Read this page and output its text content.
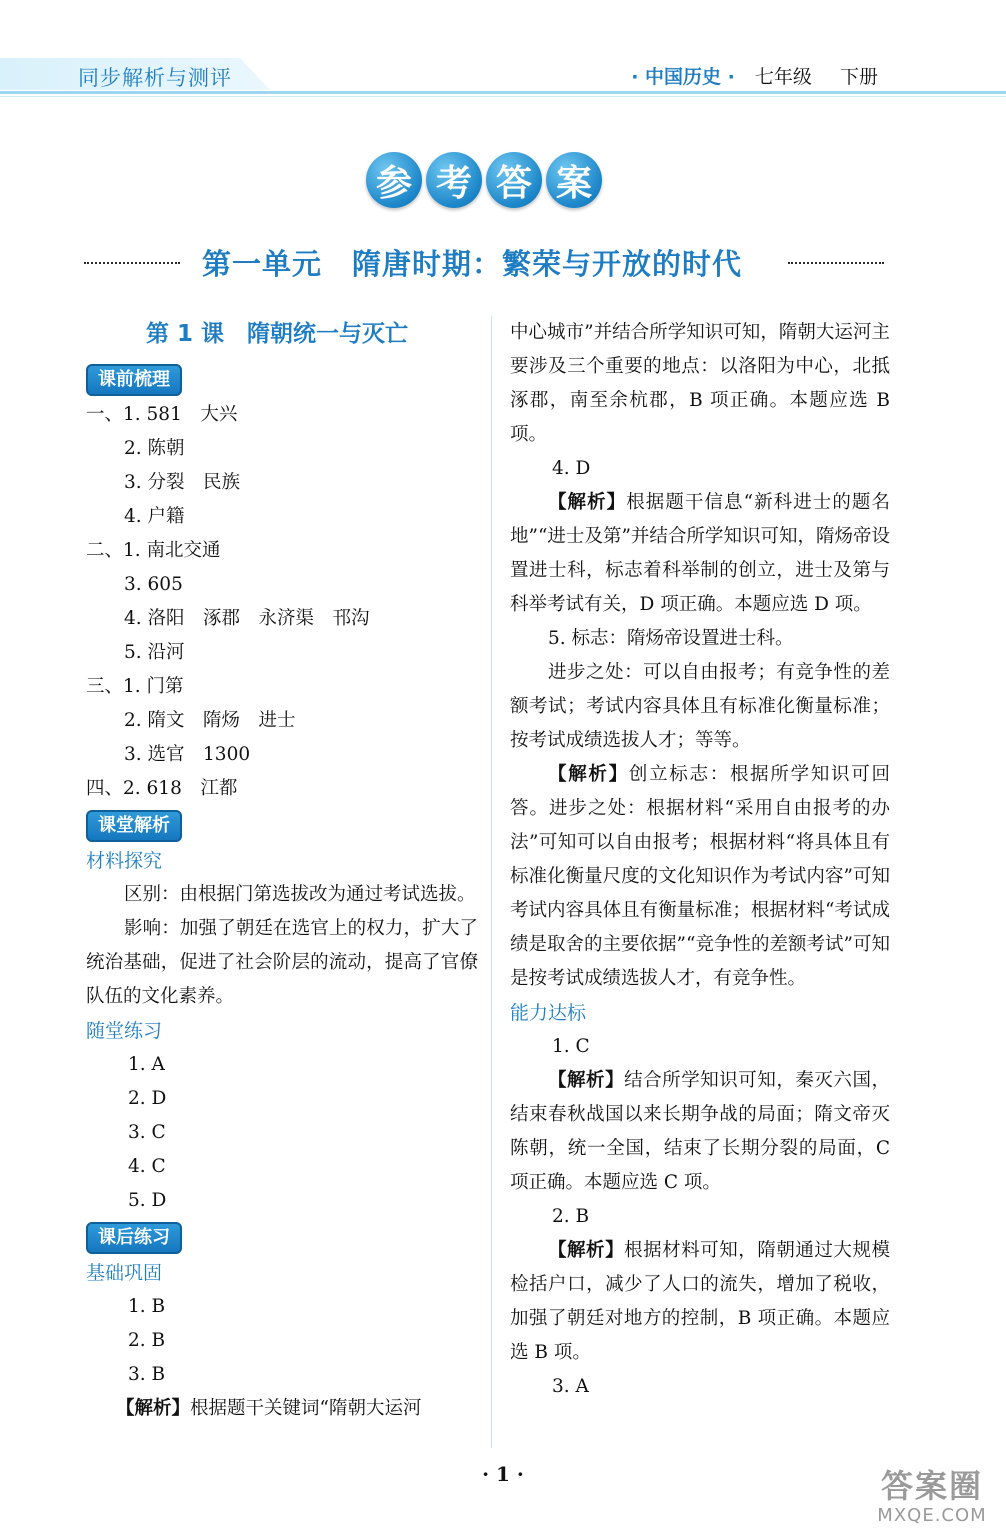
同步解析与测评	· 中国历史 · 七年级 下册
参 考 答 案
第一单元　隋唐时期：繁荣与开放的时代
第 1 课　隋朝统一与灭亡
课前梳理
一、1. 581　大兴
2. 陈朝
3. 分裂　民族
4. 户籍
二、1. 南北交通
3. 605
4. 洛阳　涿郡　永济渠　邗沟
5. 沿河
三、1. 门第
2. 隋文　隋炀　进士
3. 选官　1300
四、2. 618　江都
课堂解析
材料探究
区别：由根据门第选拔改为通过考试选拔。
影响：加强了朝廷在选官上的权力，扩大了统治基础，促进了社会阶层的流动，提高了官僚队伍的文化素养。
随堂练习
1. A
2. D
3. C
4. C
5. D
课后练习
基础巩固
1. B
2. B
3. B
【解析】根据题干关键词“隋朝大运河
中心城市”并结合所学知识可知，隋朝大运河主要涉及三个重要的地点：以洛阳为中心，北抵涿郡，南至余杭郡，B 项正确。本题应选 B 项。
4. D
【解析】根据题干信息“新科进士的题名地”“进士及第”并结合所学知识可知，隋炀帝设置进士科，标志着科举制的创立，进士及第与科举考试有关，D 项正确。本题应选 D 项。
5. 标志：隋炀帝设置进士科。
进步之处：可以自由报考；有竞争性的差额考试；考试内容具体且有标准化衡量标准；按考试成绩选拔人才；等等。
【解析】创立标志：根据所学知识可回答。进步之处：根据材料“采用自由报考的办法”可知可以自由报考；根据材料“将具体且有标准化衡量尺度的文化知识作为考试内容”可知考试内容具体且有衡量标准；根据材料“考试成绩是取舍的主要依据”“竞争性的差额考试”可知是按考试成绩选拔人才，有竞争性。
能力达标
1. C
【解析】结合所学知识可知，秦灭六国，结束春秋战国以来长期争战的局面；隋文帝灭陈朝，统一全国，结束了长期分裂的局面，C 项正确。本题应选 C 项。
2. B
【解析】根据材料可知，隋朝通过大规模检括户口，减少了人口的流失，增加了税收，加强了朝廷对地方的控制，B 项正确。本题应选 B 项。
3. A
· 1 ·	答案圈
MXQE.COM
